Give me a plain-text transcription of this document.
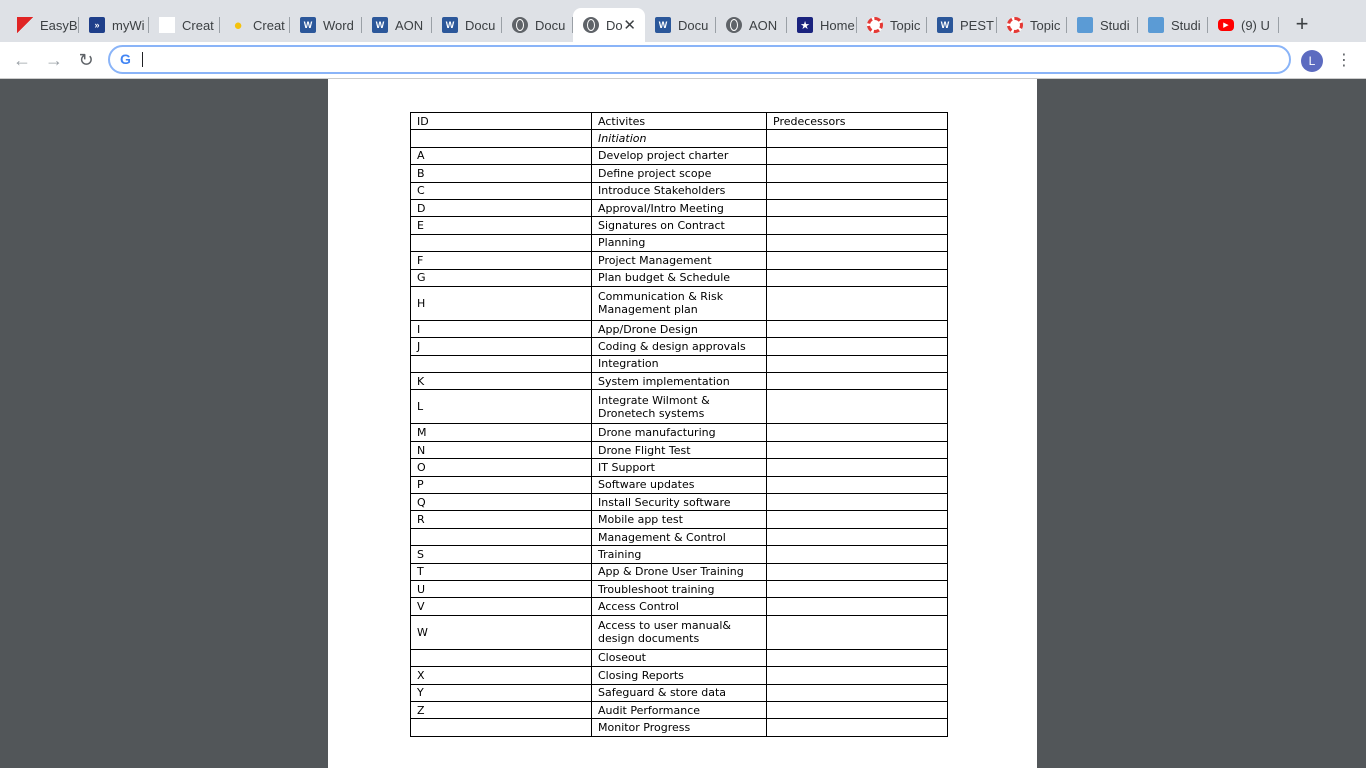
EasyB	» myWi	Creat ● Creat	W Word	W AON	W Docu	Docu	Do ✕	W Docu	AON ★ Home	Topic	W PEST	Topic	Studi	Studi	▶ (9) U +
← → ↻	G	L	⋮
ID	Activites	Predecessors
	Initiation	
A	Develop project charter	
B	Define project scope	
C	Introduce Stakeholders	
D	Approval/Intro Meeting	
E	Signatures on Contract	
	Planning	
F	Project Management	
G	Plan budget & Schedule	
H	Communication & Risk Management plan	
I	App/Drone Design	
J	Coding & design approvals	
	Integration	
K	System implementation	
L	Integrate Wilmont & Dronetech systems	
M	Drone manufacturing	
N	Drone Flight Test	
O	IT Support	
P	Software updates	
Q	Install Security software	
R	Mobile app test	
	Management & Control	
S	Training	
T	App & Drone User Training	
U	Troubleshoot training	
V	Access Control	
W	Access to user manual& design documents	
	Closeout	
X	Closing Reports	
Y	Safeguard & store data	
Z	Audit Performance	
	Monitor Progress	
